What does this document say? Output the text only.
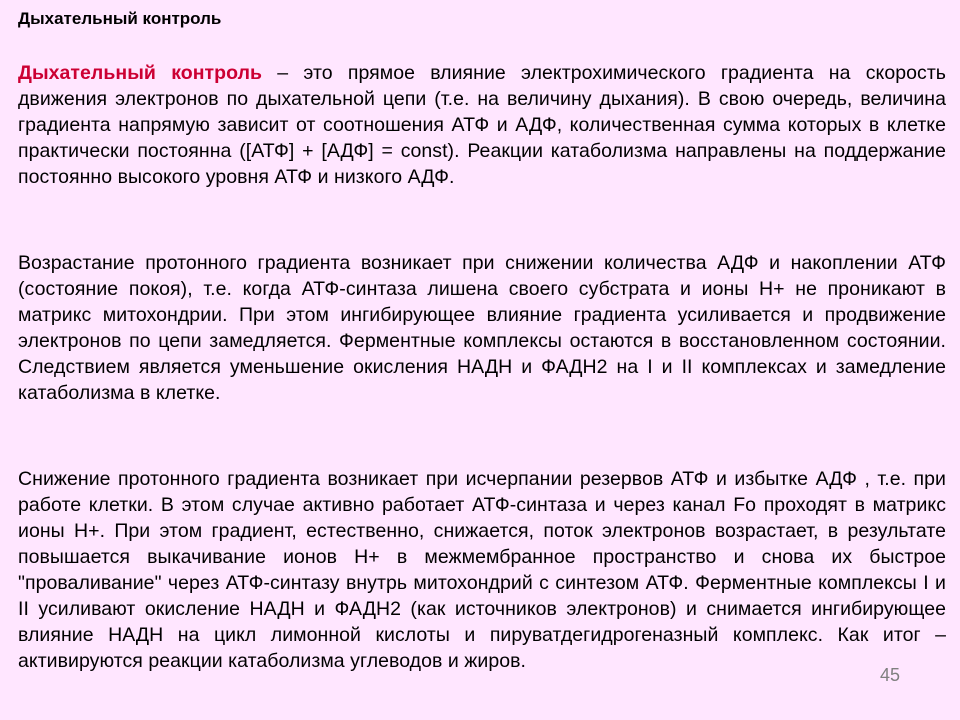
Дыхательный контроль

Дыхательный контроль – это прямое влияние электрохимического градиента на скорость движения электронов по дыхательной цепи (т.е. на величину дыхания). В свою очередь, величина градиента напрямую зависит от соотношения АТФ и АДФ, количественная сумма которых в клетке практически постоянна ([АТФ] + [АДФ] = const). Реакции катаболизма направлены на поддержание постоянно высокого уровня АТФ и низкого АДФ.

Возрастание протонного градиента возникает при снижении количества АДФ и накоплении АТФ (состояние покоя), т.е. когда АТФ-синтаза лишена своего субстрата и ионы Н+ не проникают в матрикс митохондрии. При этом ингибирующее влияние градиента усиливается и продвижение электронов по цепи замедляется. Ферментные комплексы остаются в восстановленном состоянии. Следствием является уменьшение окисления НАДН и ФАДН2 на I и II комплексах и замедление катаболизма в клетке.

Снижение протонного градиента возникает при исчерпании резервов АТФ и избытке АДФ , т.е. при работе клетки. В этом случае активно работает АТФ-синтаза и через канал Fo проходят в матрикс ионы Н+. При этом градиент, естественно, снижается, поток электронов возрастает, в результате повышается выкачивание ионов Н+ в межмембранное пространство и снова их быстрое "проваливание" через АТФ-синтазу внутрь митохондрий с синтезом АТФ. Ферментные комплексы I и II усиливают окисление НАДН и ФАДН2 (как источников электронов) и снимается ингибирующее влияние НАДН на цикл лимонной кислоты и пируватдегидрогеназный комплекс. Как итог – активируются реакции катаболизма углеводов и жиров.

45
